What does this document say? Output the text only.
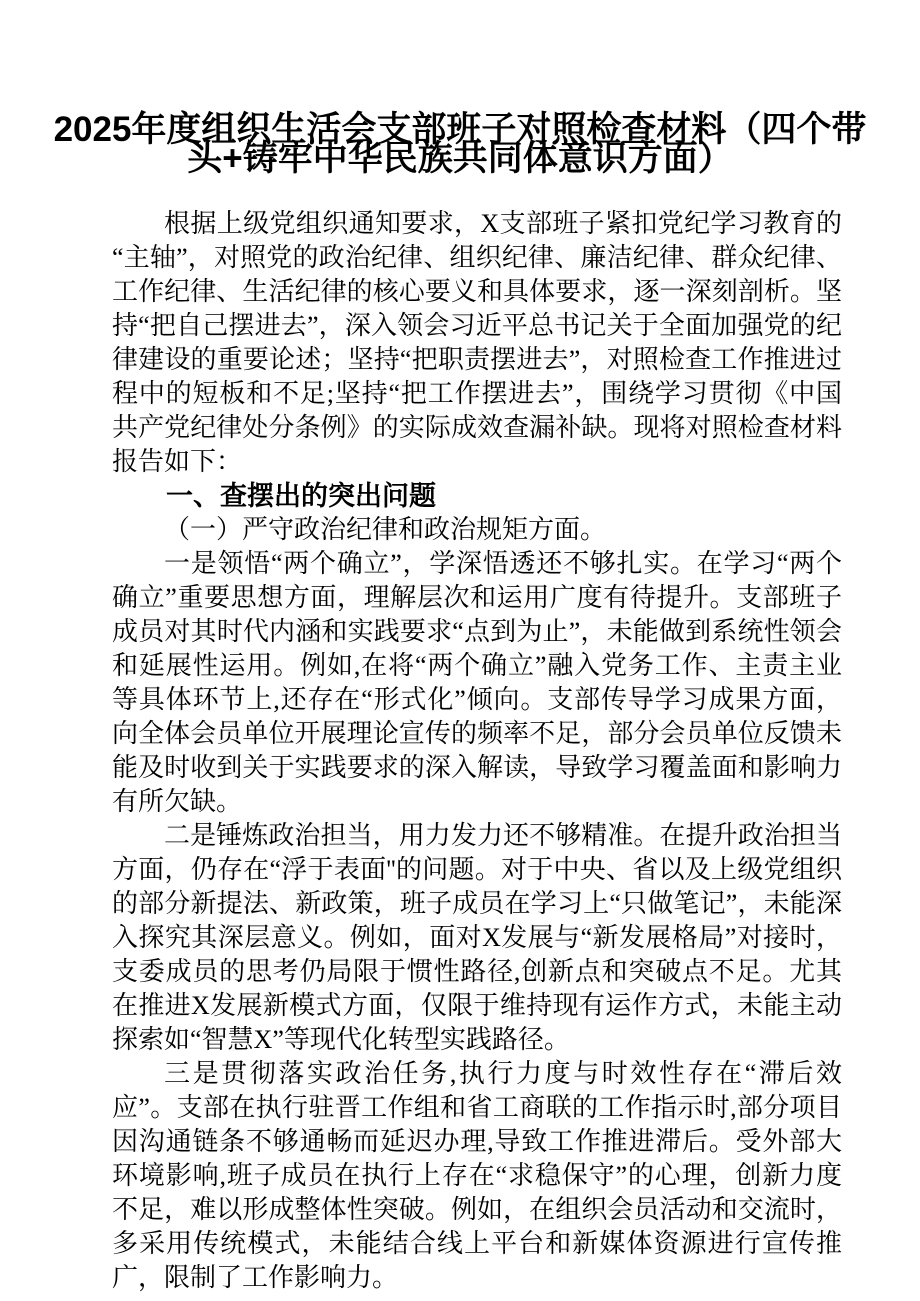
2025年度组织生活会支部班子对照检查材料（四个带头+铸牢中华民族共同体意识方面）

根据上级党组织通知要求，X支部班子紧扣党纪学习教育的“主轴”，对照党的政治纪律、组织纪律、廉洁纪律、群众纪律、工作纪律、生活纪律的核心要义和具体要求，逐一深刻剖析。坚持“把自己摆进去”，深入领会习近平总书记关于全面加强党的纪律建设的重要论述；坚持“把职责摆进去”，对照检查工作推进过程中的短板和不足;坚持“把工作摆进去”，围绕学习贯彻《中国共产党纪律处分条例》的实际成效查漏补缺。现将对照检查材料报告如下：

一、查摆出的突出问题

（一）严守政治纪律和政治规矩方面。

一是领悟“两个确立”，学深悟透还不够扎实。在学习“两个确立”重要思想方面，理解层次和运用广度有待提升。支部班子成员对其时代内涵和实践要求“点到为止”，未能做到系统性领会和延展性运用。例如,在将“两个确立”融入党务工作、主责主业等具体环节上,还存在“形式化”倾向。支部传导学习成果方面，向全体会员单位开展理论宣传的频率不足，部分会员单位反馈未能及时收到关于实践要求的深入解读，导致学习覆盖面和影响力有所欠缺。

二是锤炼政治担当，用力发力还不够精准。在提升政治担当方面，仍存在“浮于表面''的问题。对于中央、省以及上级党组织的部分新提法、新政策，班子成员在学习上“只做笔记”，未能深入探究其深层意义。例如，面对X发展与“新发展格局”对接时，支委成员的思考仍局限于惯性路径,创新点和突破点不足。尤其在推进X发展新模式方面，仅限于维持现有运作方式，未能主动探索如“智慧X”等现代化转型实践路径。

三是贯彻落实政治任务,执行力度与时效性存在“滞后效应”。支部在执行驻晋工作组和省工商联的工作指示时,部分项目因沟通链条不够通畅而延迟办理,导致工作推进滞后。受外部大环境影响,班子成员在执行上存在“求稳保守”的心理，创新力度不足，难以形成整体性突破。例如，在组织会员活动和交流时，多采用传统模式，未能结合线上平台和新媒体资源进行宣传推广，限制了工作影响力。
